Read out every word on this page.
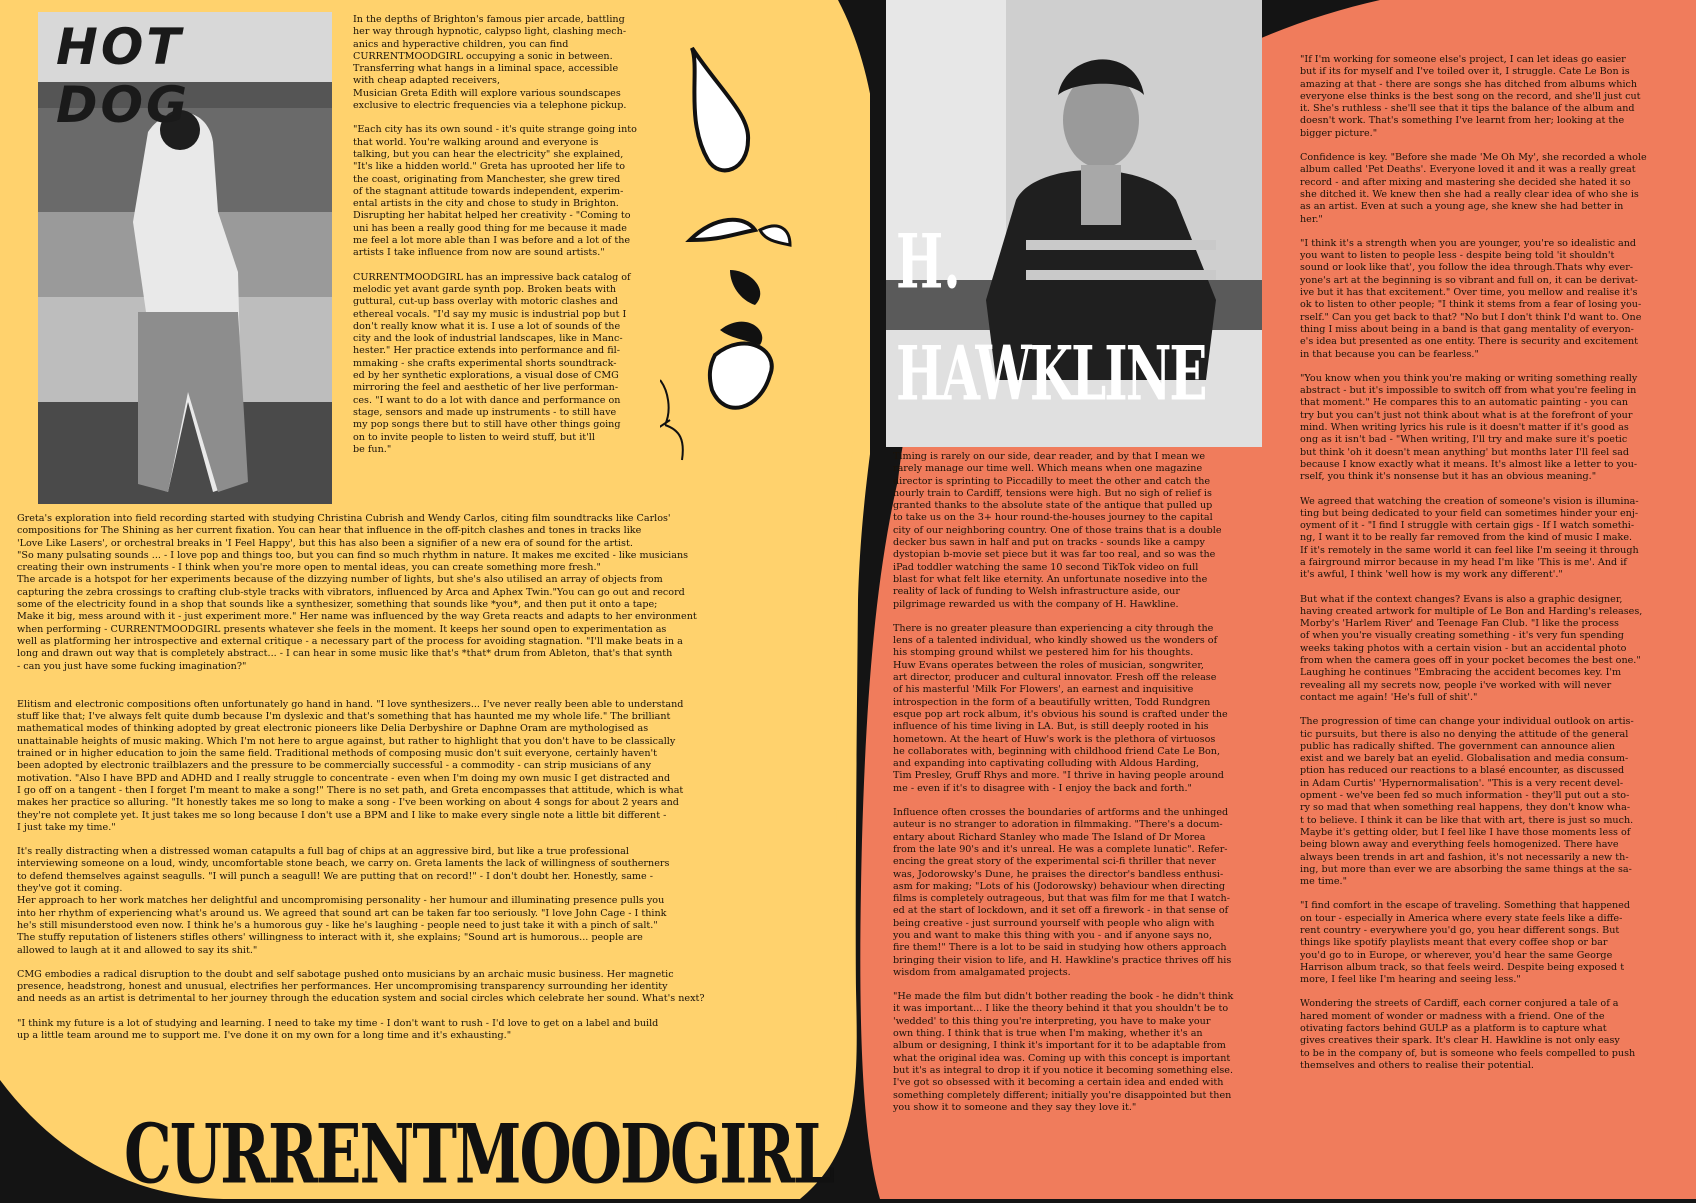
HOT DOG

In the depths of Brighton's famous pier arcade, battling
her way through hypnotic, calypso light, clashing mech-
anics and hyperactive children, you can find
CURRENTMOODGIRL occupying a sonic in between.
Transferring what hangs in a liminal space, accessible
with cheap adapted receivers,
Musician Greta Edith will explore various soundscapes
exclusive to electric frequencies via a telephone pickup.

"Each city has its own sound - it's quite strange going into
that world. You're walking around and everyone is
talking, but you can hear the electricity" she explained,
"It's like a hidden world." Greta has uprooted her life to
the coast, originating from Manchester, she grew tired
of the stagnant attitude towards independent, experim-
ental artists in the city and chose to study in Brighton.
Disrupting her habitat helped her creativity - "Coming to
uni has been a really good thing for me because it made
me feel a lot more able than I was before and a lot of the
artists I take influence from now are sound artists."

CURRENTMOODGIRL has an impressive back catalog of
melodic yet avant garde synth pop. Broken beats with
guttural, cut-up bass overlay with motoric clashes and
ethereal vocals. "I'd say my music is industrial pop but I
don't really know what it is. I use a lot of sounds of the
city and the look of industrial landscapes, like in Manc-
hester." Her practice extends into performance and fil-
mmaking - she crafts experimental shorts soundtrack-
ed by her synthetic explorations, a visual dose of CMG
mirroring the feel and aesthetic of her live performan-
ces. "I want to do a lot with dance and performance on
stage, sensors and made up instruments - to still have
my pop songs there but to still have other things going
on to invite people to listen to weird stuff, but it'll
be fun."

Greta's exploration into field recording started with studying Christina Cubrish and Wendy Carlos, citing film soundtracks like Carlos'
compositions for The Shining as her current fixation. You can hear that influence in the off-pitch clashes and tones in tracks like
'Love Like Lasers', or orchestral breaks in 'I Feel Happy', but this has also been a signifier of a new era of sound for the artist.
"So many pulsating sounds ... - I love pop and things too, but you can find so much rhythm in nature. It makes me excited - like musicians
creating their own instruments - I think when you're more open to mental ideas, you can create something more fresh."
The arcade is a hotspot for her experiments because of the dizzying number of lights, but she's also utilised an array of objects from
capturing the zebra crossings to crafting club-style tracks with vibrators, influenced by Arca and Aphex Twin."You can go out and record
some of the electricity found in a shop that sounds like a synthesizer, something that sounds like *you*, and then put it onto a tape;
Make it big, mess around with it - just experiment more." Her name was influenced by the way Greta reacts and adapts to her environment
when performing - CURRENTMOODGIRL presents whatever she feels in the moment. It keeps her sound open to experimentation as
well as platforming her introspective and external critique - a necessary part of the process for avoiding stagnation. "I'll make beats in a
long and drawn out way that is completely abstract... - I can hear in some music like that's *that* drum from Ableton, that's that synth
- can you just have some fucking imagination?"

Elitism and electronic compositions often unfortunately go hand in hand. "I love synthesizers... I've never really been able to understand
stuff like that; I've always felt quite dumb because I'm dyslexic and that's something that has haunted me my whole life." The brilliant
mathematical modes of thinking adopted by great electronic pioneers like Delia Derbyshire or Daphne Oram are mythologised as
unattainable heights of music making. Which I'm not here to argue against, but rather to highlight that you don't have to be classically
trained or in higher education to join the same field. Traditional methods of composing music don't suit everyone, certainly haven't
been adopted by electronic trailblazers and the pressure to be commercially successful - a commodity - can strip musicians of any
motivation. "Also I have BPD and ADHD and I really struggle to concentrate - even when I'm doing my own music I get distracted and
I go off on a tangent - then I forget I'm meant to make a song!" There is no set path, and Greta encompasses that attitude, which is what
makes her practice so alluring. "It honestly takes me so long to make a song - I've been working on about 4 songs for about 2 years and
they're not complete yet. It just takes me so long because I don't use a BPM and I like to make every single note a little bit different -
I just take my time."

It's really distracting when a distressed woman catapults a full bag of chips at an aggressive bird, but like a true professional
interviewing someone on a loud, windy, uncomfortable stone beach, we carry on. Greta laments the lack of willingness of southerners
to defend themselves against seagulls. "I will punch a seagull! We are putting that on record!" - I don't doubt her. Honestly, same -
they've got it coming.
Her approach to her work matches her delightful and uncompromising personality - her humour and illuminating presence pulls you
into her rhythm of experiencing what's around us. We agreed that sound art can be taken far too seriously. "I love John Cage - I think
he's still misunderstood even now. I think he's a humorous guy - like he's laughing - people need to just take it with a pinch of salt."
The stuffy reputation of listeners stifles others' willingness to interact with it, she explains; "Sound art is humorous... people are
allowed to laugh at it and allowed to say its shit."

CMG embodies a radical disruption to the doubt and self sabotage pushed onto musicians by an archaic music business. Her magnetic
presence, headstrong, honest and unusual, electrifies her performances. Her uncompromising transparency surrounding her identity
and needs as an artist is detrimental to her journey through the education system and social circles which celebrate her sound. What's next?

"I think my future is a lot of studying and learning. I need to take my time - I don't want to rush - I'd love to get on a label and build
up a little team around me to support me. I've done it on my own for a long time and it's exhausting."

CURRENTMOODGIRL
H.
HAWKLINE

Timing is rarely on our side, dear reader, and by that I mean we
rarely manage our time well. Which means when one magazine
director is sprinting to Piccadilly to meet the other and catch the
hourly train to Cardiff, tensions were high. But no sigh of relief is
granted thanks to the absolute state of the antique that pulled up
to take us on the 3+ hour round-the-houses journey to the capital
city of our neighboring country. One of those trains that is a double
decker bus sawn in half and put on tracks - sounds like a campy
dystopian b-movie set piece but it was far too real, and so was the
iPad toddler watching the same 10 second TikTok video on full
blast for what felt like eternity. An unfortunate nosedive into the
reality of lack of funding to Welsh infrastructure aside, our
pilgrimage rewarded us with the company of H. Hawkline.

There is no greater pleasure than experiencing a city through the
lens of a talented individual, who kindly showed us the wonders of
his stomping ground whilst we pestered him for his thoughts.
Huw Evans operates between the roles of musician, songwriter,
art director, producer and cultural innovator. Fresh off the release
of his masterful 'Milk For Flowers', an earnest and inquisitive
introspection in the form of a beautifully written, Todd Rundgren
esque pop art rock album, it's obvious his sound is crafted under the
influence of his time living in LA. But, is still deeply rooted in his
hometown. At the heart of Huw's work is the plethora of virtuosos
he collaborates with, beginning with childhood friend Cate Le Bon,
and expanding into captivating colluding with Aldous Harding,
Tim Presley, Gruff Rhys and more. "I thrive in having people around
me - even if it's to disagree with - I enjoy the back and forth."

Influence often crosses the boundaries of artforms and the unhinged
auteur is no stranger to adoration in filmmaking. "There's a docum-
entary about Richard Stanley who made The Island of Dr Morea
from the late 90's and it's unreal. He was a complete lunatic". Refer-
encing the great story of the experimental sci-fi thriller that never
was, Jodorowsky's Dune, he praises the director's bandless enthusi-
asm for making; "Lots of his (Jodorowsky) behaviour when directing
films is completely outrageous, but that was film for me that I watch-
ed at the start of lockdown, and it set off a firework - in that sense of
being creative - just surround yourself with people who align with
you and want to make this thing with you - and if anyone says no,
fire them!" There is a lot to be said in studying how others approach
bringing their vision to life, and H. Hawkline's practice thrives off his
wisdom from amalgamated projects.

"He made the film but didn't bother reading the book - he didn't think
it was important... I like the theory behind it that you shouldn't be to
'wedded' to this thing you're interpreting, you have to make your
own thing. I think that is true when I'm making, whether it's an
album or designing, I think it's important for it to be adaptable from
what the original idea was. Coming up with this concept is important
but it's as integral to drop it if you notice it becoming something else.
I've got so obsessed with it becoming a certain idea and ended with
something completely different; initially you're disappointed but then
you show it to someone and they say they love it."

"If I'm working for someone else's project, I can let ideas go easier
but if its for myself and I've toiled over it, I struggle. Cate Le Bon is
amazing at that - there are songs she has ditched from albums which
everyone else thinks is the best song on the record, and she'll just cut
it. She's ruthless - she'll see that it tips the balance of the album and
doesn't work. That's something I've learnt from her; looking at the
bigger picture."

Confidence is key. "Before she made 'Me Oh My', she recorded a whole
album called 'Pet Deaths'. Everyone loved it and it was a really great
record - and after mixing and mastering she decided she hated it so
she ditched it. We knew then she had a really clear idea of who she is
as an artist. Even at such a young age, she knew she had better in
her."

"I think it's a strength when you are younger, you're so idealistic and
you want to listen to people less - despite being told 'it shouldn't
sound or look like that', you follow the idea through.Thats why ever-
yone's art at the beginning is so vibrant and full on, it can be derivat-
ive but it has that excitement." Over time, you mellow and realise it's
ok to listen to other people; "I think it stems from a fear of losing you-
rself." Can you get back to that? "No but I don't think I'd want to. One
thing I miss about being in a band is that gang mentality of everyon-
e's idea but presented as one entity. There is security and excitement
in that because you can be fearless."

"You know when you think you're making or writing something really
abstract - but it's impossible to switch off from what you're feeling in
that moment." He compares this to an automatic painting - you can
try but you can't just not think about what is at the forefront of your
mind. When writing lyrics his rule is it doesn't matter if it's good as
ong as it isn't bad - "When writing, I'll try and make sure it's poetic
but think 'oh it doesn't mean anything' but months later I'll feel sad
because I know exactly what it means. It's almost like a letter to you-
rself, you think it's nonsense but it has an obvious meaning."

We agreed that watching the creation of someone's vision is illumina-
ting but being dedicated to your field can sometimes hinder your enj-
oyment of it - "I find I struggle with certain gigs - If I watch somethi-
ng, I want it to be really far removed from the kind of music I make.
If it's remotely in the same world it can feel like I'm seeing it through
a fairground mirror because in my head I'm like 'This is me'. And if
it's awful, I think 'well how is my work any different'."

But what if the context changes? Evans is also a graphic designer,
having created artwork for multiple of Le Bon and Harding's releases,
Morby's 'Harlem River' and Teenage Fan Club. "I like the process
of when you're visually creating something - it's very fun spending
weeks taking photos with a certain vision - but an accidental photo
from when the camera goes off in your pocket becomes the best one."
Laughing he continues "Embracing the accident becomes key. I'm
revealing all my secrets now, people i've worked with will never
contact me again! 'He's full of shit'."

The progression of time can change your individual outlook on artis-
tic pursuits, but there is also no denying the attitude of the general
public has radically shifted. The government can announce alien
exist and we barely bat an eyelid. Globalisation and media consum-
ption has reduced our reactions to a blasé encounter, as discussed
in Adam Curtis' 'Hypernormalisation'. "This is a very recent devel-
opment - we've been fed so much information - they'll put out a sto-
ry so mad that when something real happens, they don't know wha-
t to believe. I think it can be like that with art, there is just so much.
Maybe it's getting older, but I feel like I have those moments less of
being blown away and everything feels homogenized. There have
always been trends in art and fashion, it's not necessarily a new th-
ing, but more than ever we are absorbing the same things at the sa-
me time."

"I find comfort in the escape of traveling. Something that happened
on tour - especially in America where every state feels like a diffe-
rent country - everywhere you'd go, you hear different songs. But
things like spotify playlists meant that every coffee shop or bar
you'd go to in Europe, or wherever, you'd hear the same George
Harrison album track, so that feels weird. Despite being exposed t
more, I feel like I'm hearing and seeing less."

Wondering the streets of Cardiff, each corner conjured a tale of a
hared moment of wonder or madness with a friend. One of the
otivating factors behind GULP as a platform is to capture what
gives creatives their spark. It's clear H. Hawkline is not only easy
to be in the company of, but is someone who feels compelled to push
themselves and others to realise their potential.
